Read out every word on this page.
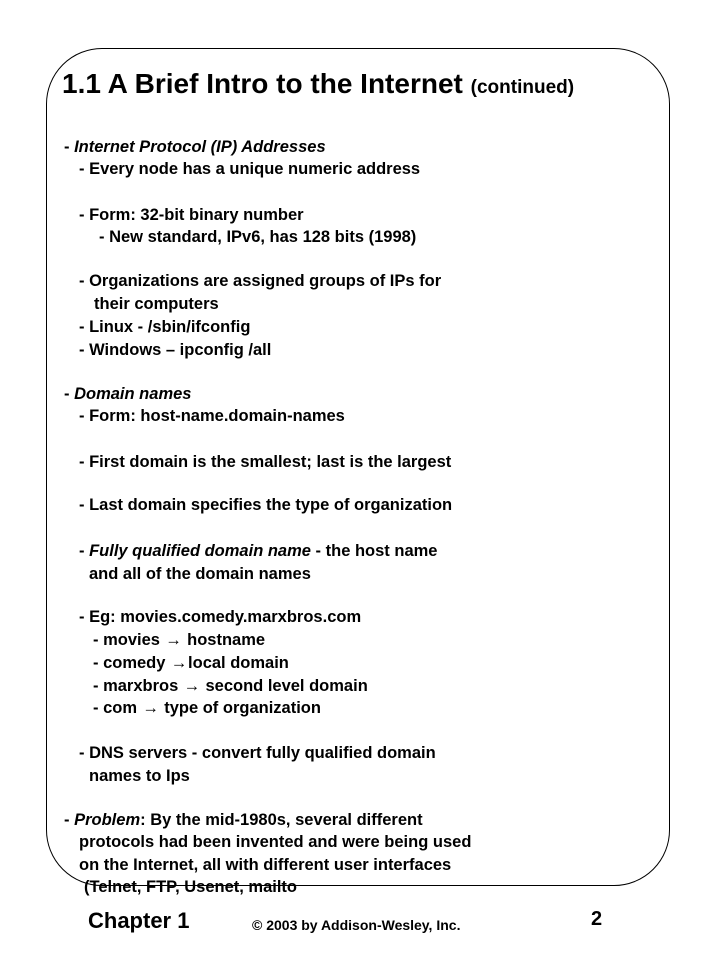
1.1 A Brief Intro to the Internet (continued)
- Internet Protocol (IP) Addresses
- Every node has a unique numeric address
- Form: 32-bit binary number
- New standard, IPv6, has 128 bits (1998)
- Organizations are assigned groups of IPs for
their computers
- Linux - /sbin/ifconfig
- Windows – ipconfig /all
- Domain names
- Form: host-name.domain-names
- First domain is the smallest; last is the largest
- Last domain specifies the type of organization
- Fully qualified domain name - the host name
and all of the domain names
- Eg: movies.comedy.marxbros.com
- movies → hostname
- comedy →local domain
- marxbros → second level domain
- com → type of organization
- DNS servers - convert fully qualified domain
names to Ips
- Problem: By the mid-1980s, several different
protocols had been invented and were being used
on the Internet, all with different user interfaces
(Telnet, FTP, Usenet, mailto
Chapter 1	© 2003 by Addison-Wesley, Inc.	2
